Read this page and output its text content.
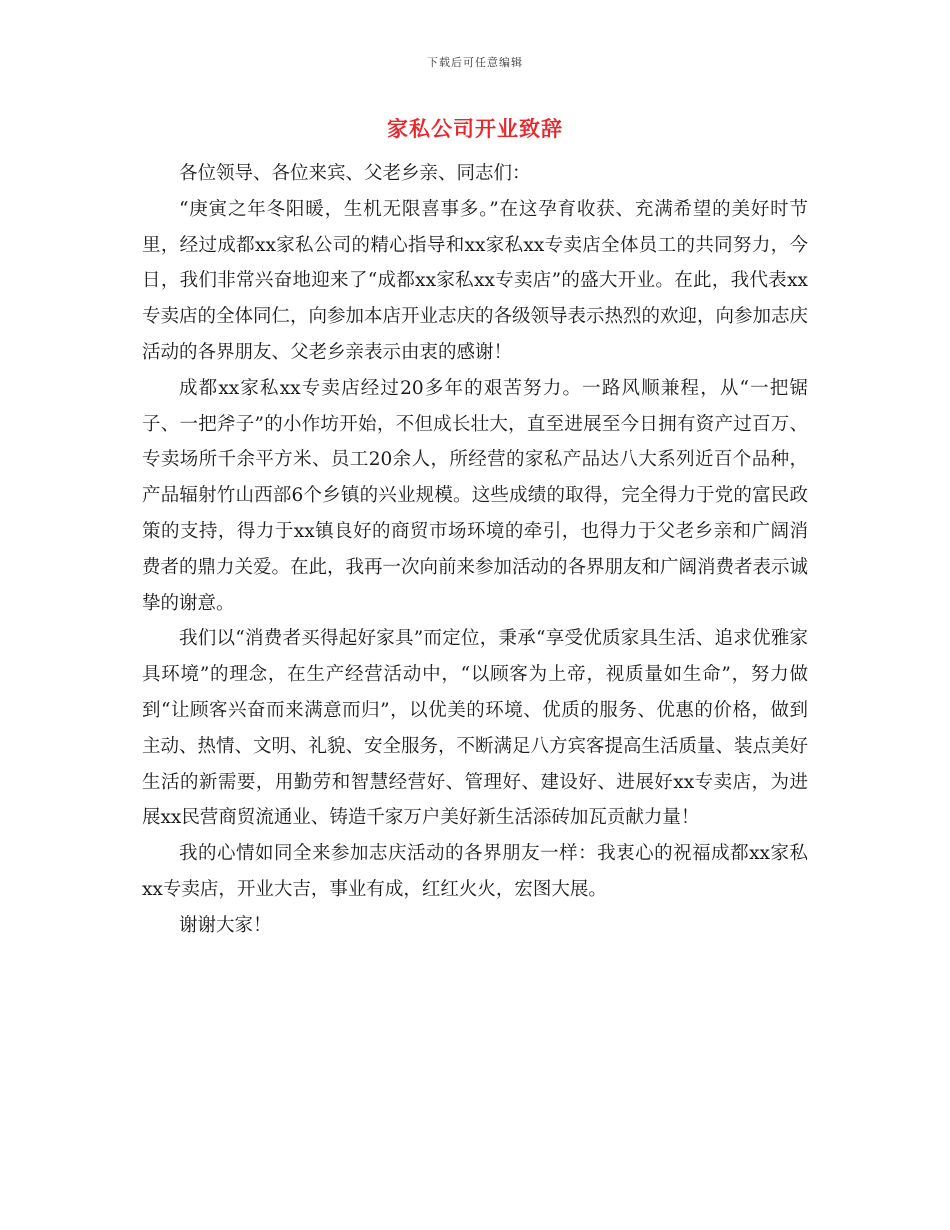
下载后可任意编辑
家私公司开业致辞

各位领导、各位来宾、父老乡亲、同志们：

“庚寅之年冬阳暖，生机无限喜事多。”在这孕育收获、充满希望的美好时节里，经过成都xx家私公司的精心指导和xx家私xx专卖店全体员工的共同努力，今日，我们非常兴奋地迎来了“成都xx家私xx专卖店”的盛大开业。在此，我代表xx专卖店的全体同仁，向参加本店开业志庆的各级领导表示热烈的欢迎，向参加志庆活动的各界朋友、父老乡亲表示由衷的感谢！

成都xx家私xx专卖店经过20多年的艰苦努力。一路风顺兼程，从“一把锯子、一把斧子”的小作坊开始，不但成长壮大，直至进展至今日拥有资产过百万、专卖场所千余平方米、员工20余人，所经营的家私产品达八大系列近百个品种，产品辐射竹山西部6个乡镇的兴业规模。这些成绩的取得，完全得力于党的富民政策的支持，得力于xx镇良好的商贸市场环境的牵引，也得力于父老乡亲和广阔消费者的鼎力关爱。在此，我再一次向前来参加活动的各界朋友和广阔消费者表示诚挚的谢意。

我们以“消费者买得起好家具”而定位，秉承“享受优质家具生活、追求优雅家具环境”的理念，在生产经营活动中，“以顾客为上帝，视质量如生命”，努力做到“让顾客兴奋而来满意而归”，以优美的环境、优质的服务、优惠的价格，做到主动、热情、文明、礼貌、安全服务，不断满足八方宾客提高生活质量、装点美好生活的新需要，用勤劳和智慧经营好、管理好、建设好、进展好xx专卖店，为进展xx民营商贸流通业、铸造千家万户美好新生活添砖加瓦贡献力量！

我的心情如同全来参加志庆活动的各界朋友一样：我衷心的祝福成都xx家私xx专卖店，开业大吉，事业有成，红红火火，宏图大展。

谢谢大家！
